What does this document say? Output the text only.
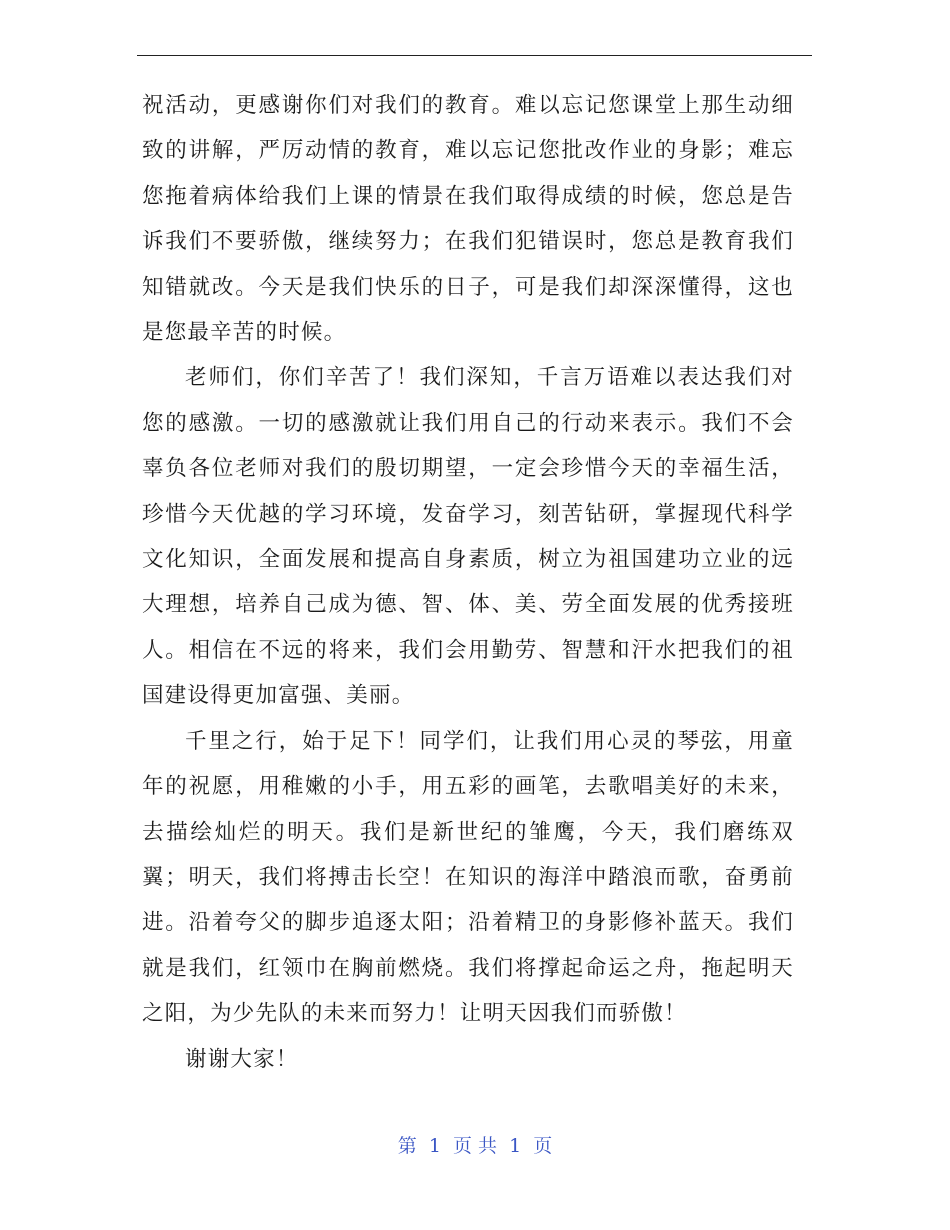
祝活动，更感谢你们对我们的教育。难以忘记您课堂上那生动细致的讲解，严厉动情的教育，难以忘记您批改作业的身影；难忘您拖着病体给我们上课的情景在我们取得成绩的时候，您总是告诉我们不要骄傲，继续努力；在我们犯错误时，您总是教育我们知错就改。今天是我们快乐的日子，可是我们却深深懂得，这也是您最辛苦的时候。

老师们，你们辛苦了！我们深知，千言万语难以表达我们对您的感激。一切的感激就让我们用自己的行动来表示。我们不会辜负各位老师对我们的殷切期望，一定会珍惜今天的幸福生活，珍惜今天优越的学习环境，发奋学习，刻苦钻研，掌握现代科学文化知识，全面发展和提高自身素质，树立为祖国建功立业的远大理想，培养自己成为德、智、体、美、劳全面发展的优秀接班人。相信在不远的将来，我们会用勤劳、智慧和汗水把我们的祖国建设得更加富强、美丽。

千里之行，始于足下！同学们，让我们用心灵的琴弦，用童年的祝愿，用稚嫩的小手，用五彩的画笔，去歌唱美好的未来，去描绘灿烂的明天。我们是新世纪的雏鹰，今天，我们磨练双翼；明天，我们将搏击长空！在知识的海洋中踏浪而歌，奋勇前进。沿着夸父的脚步追逐太阳；沿着精卫的身影修补蓝天。我们就是我们，红领巾在胸前燃烧。我们将撑起命运之舟，拖起明天之阳，为少先队的未来而努力！让明天因我们而骄傲！

谢谢大家！

第 1 页 共 1 页
